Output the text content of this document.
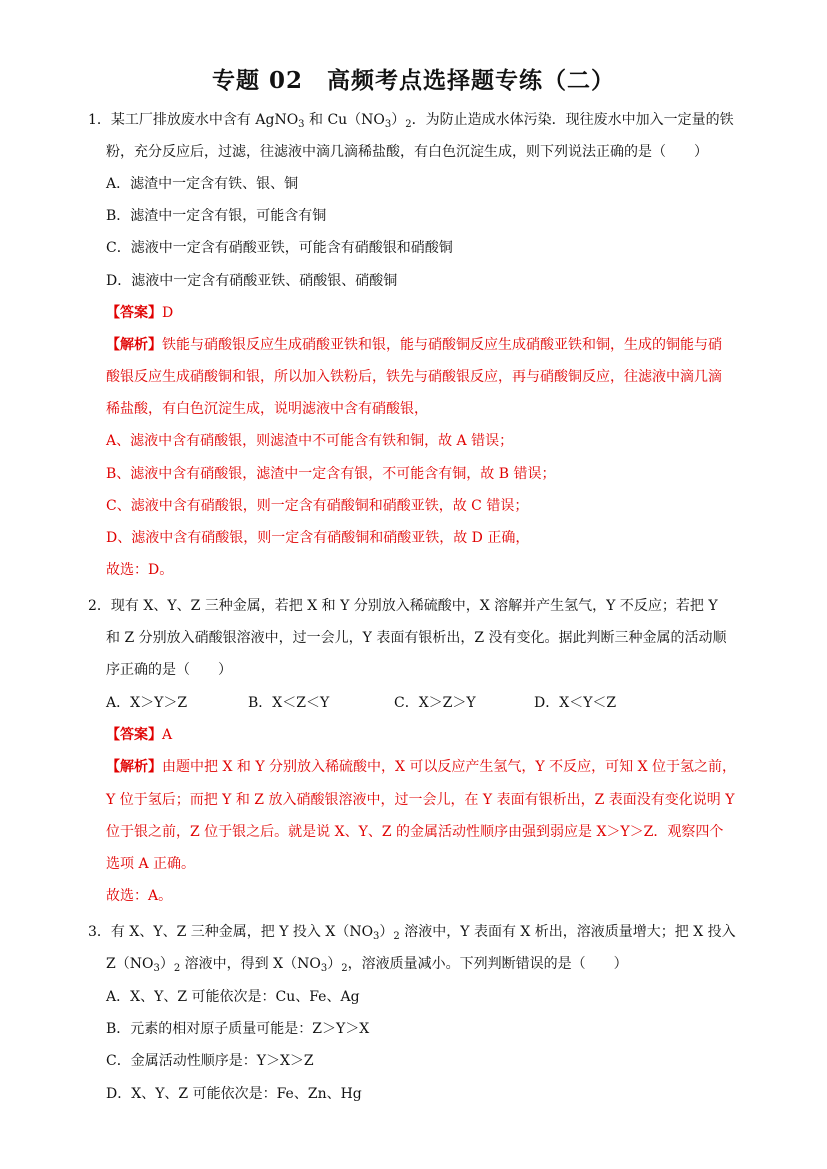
专题 02　高频考点选择题专练（二）
1．某工厂排放废水中含有 AgNO$_3$ 和 $Cu(NO_3)_2$．为防止造成水体污染．现往废水中加入一定量的铁
粉，充分反应后，过滤，往滤液中滴几滴稀盐酸，有白色沉淀生成，则下列说法正确的是（　　）
A．滤渣中一定含有铁、银、铜
B．滤渣中一定含有银，可能含有铜
C．滤液中一定含有硝酸亚铁，可能含有硝酸银和硝酸铜
D．滤液中一定含有硝酸亚铁、硝酸银、硝酸铜
【答案】D
【解析】铁能与硝酸银反应生成硝酸亚铁和银，能与硝酸铜反应生成硝酸亚铁和铜，生成的铜能与硝
酸银反应生成硝酸铜和银，所以加入铁粉后，铁先与硝酸银反应，再与硝酸铜反应，往滤液中滴几滴
稀盐酸，有白色沉淀生成，说明滤液中含有硝酸银，
A、滤液中含有硝酸银，则滤渣中不可能含有铁和铜，故 A 错误；
B、滤液中含有硝酸银，滤渣中一定含有银，不可能含有铜，故 B 错误；
C、滤液中含有硝酸银，则一定含有硝酸铜和硝酸亚铁，故 C 错误；
D、滤液中含有硝酸银，则一定含有硝酸铜和硝酸亚铁，故 D 正确，
故选：D。
2．现有 X、Y、Z 三种金属，若把 X 和 Y 分别放入稀硫酸中，X 溶解并产生氢气，Y 不反应；若把 Y
和 Z 分别放入硝酸银溶液中，过一会儿，Y 表面有银析出，Z 没有变化。据此判断三种金属的活动顺
序正确的是（　　）
A．X＞Y＞Z	B．X＜Z＜Y	C．X＞Z＞Y	D．X＜Y＜Z
【答案】A
【解析】由题中把 X 和 Y 分别放入稀硫酸中，X 可以反应产生氢气，Y 不反应，可知 X 位于氢之前，
Y 位于氢后；而把 Y 和 Z 放入硝酸银溶液中，过一会儿，在 Y 表面有银析出，Z 表面没有变化说明 Y
位于银之前，Z 位于银之后。就是说 X、Y、Z 的金属活动性顺序由强到弱应是 X＞Y＞Z．观察四个
选项 A 正确。
故选：A。
3．有 X、Y、Z 三种金属，把 Y 投入 $X(NO_3)_2$ 溶液中，Y 表面有 X 析出，溶液质量增大；把 X 投入
$Z(NO_3)_2$ 溶液中，得到 $X(NO_3)_2$，溶液质量减小。下列判断错误的是（　　）
A．X、Y、Z 可能依次是：Cu、Fe、Ag
B．元素的相对原子质量可能是：Z＞Y＞X
C．金属活动性顺序是：Y＞X＞Z
D．X、Y、Z 可能依次是：Fe、Zn、Hg
